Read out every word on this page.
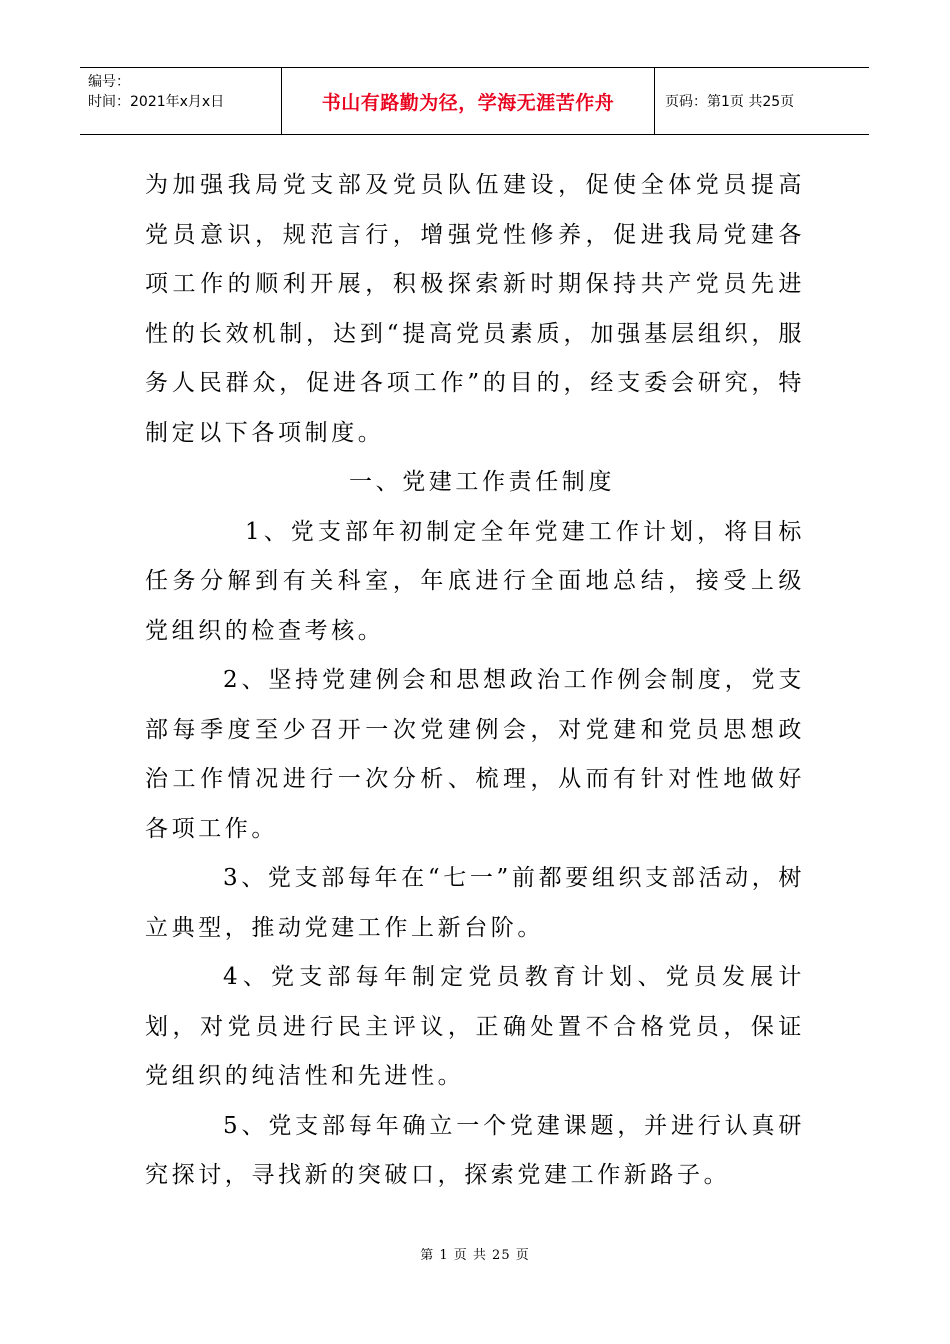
编号：
时间：2021年x月x日	书山有路勤为径，学海无涯苦作舟	页码：第1页 共25页

为加强我局党支部及党员队伍建设，促使全体党员提高党员意识，规范言行，增强党性修养，促进我局党建各项工作的顺利开展，积极探索新时期保持共产党员先进性的长效机制，达到“提高党员素质，加强基层组织，服务人民群众，促进各项工作”的目的，经支委会研究，特制定以下各项制度。

一、党建工作责任制度

1、党支部年初制定全年党建工作计划，将目标任务分解到有关科室，年底进行全面地总结，接受上级党组织的检查考核。

2、坚持党建例会和思想政治工作例会制度，党支部每季度至少召开一次党建例会，对党建和党员思想政治工作情况进行一次分析、梳理，从而有针对性地做好各项工作。

3、党支部每年在“七一”前都要组织支部活动，树立典型，推动党建工作上新台阶。

4、党支部每年制定党员教育计划、党员发展计划，对党员进行民主评议，正确处置不合格党员，保证党组织的纯洁性和先进性。

5、党支部每年确立一个党建课题，并进行认真研究探讨，寻找新的突破口，探索党建工作新路子。

第 1 页 共 25 页
